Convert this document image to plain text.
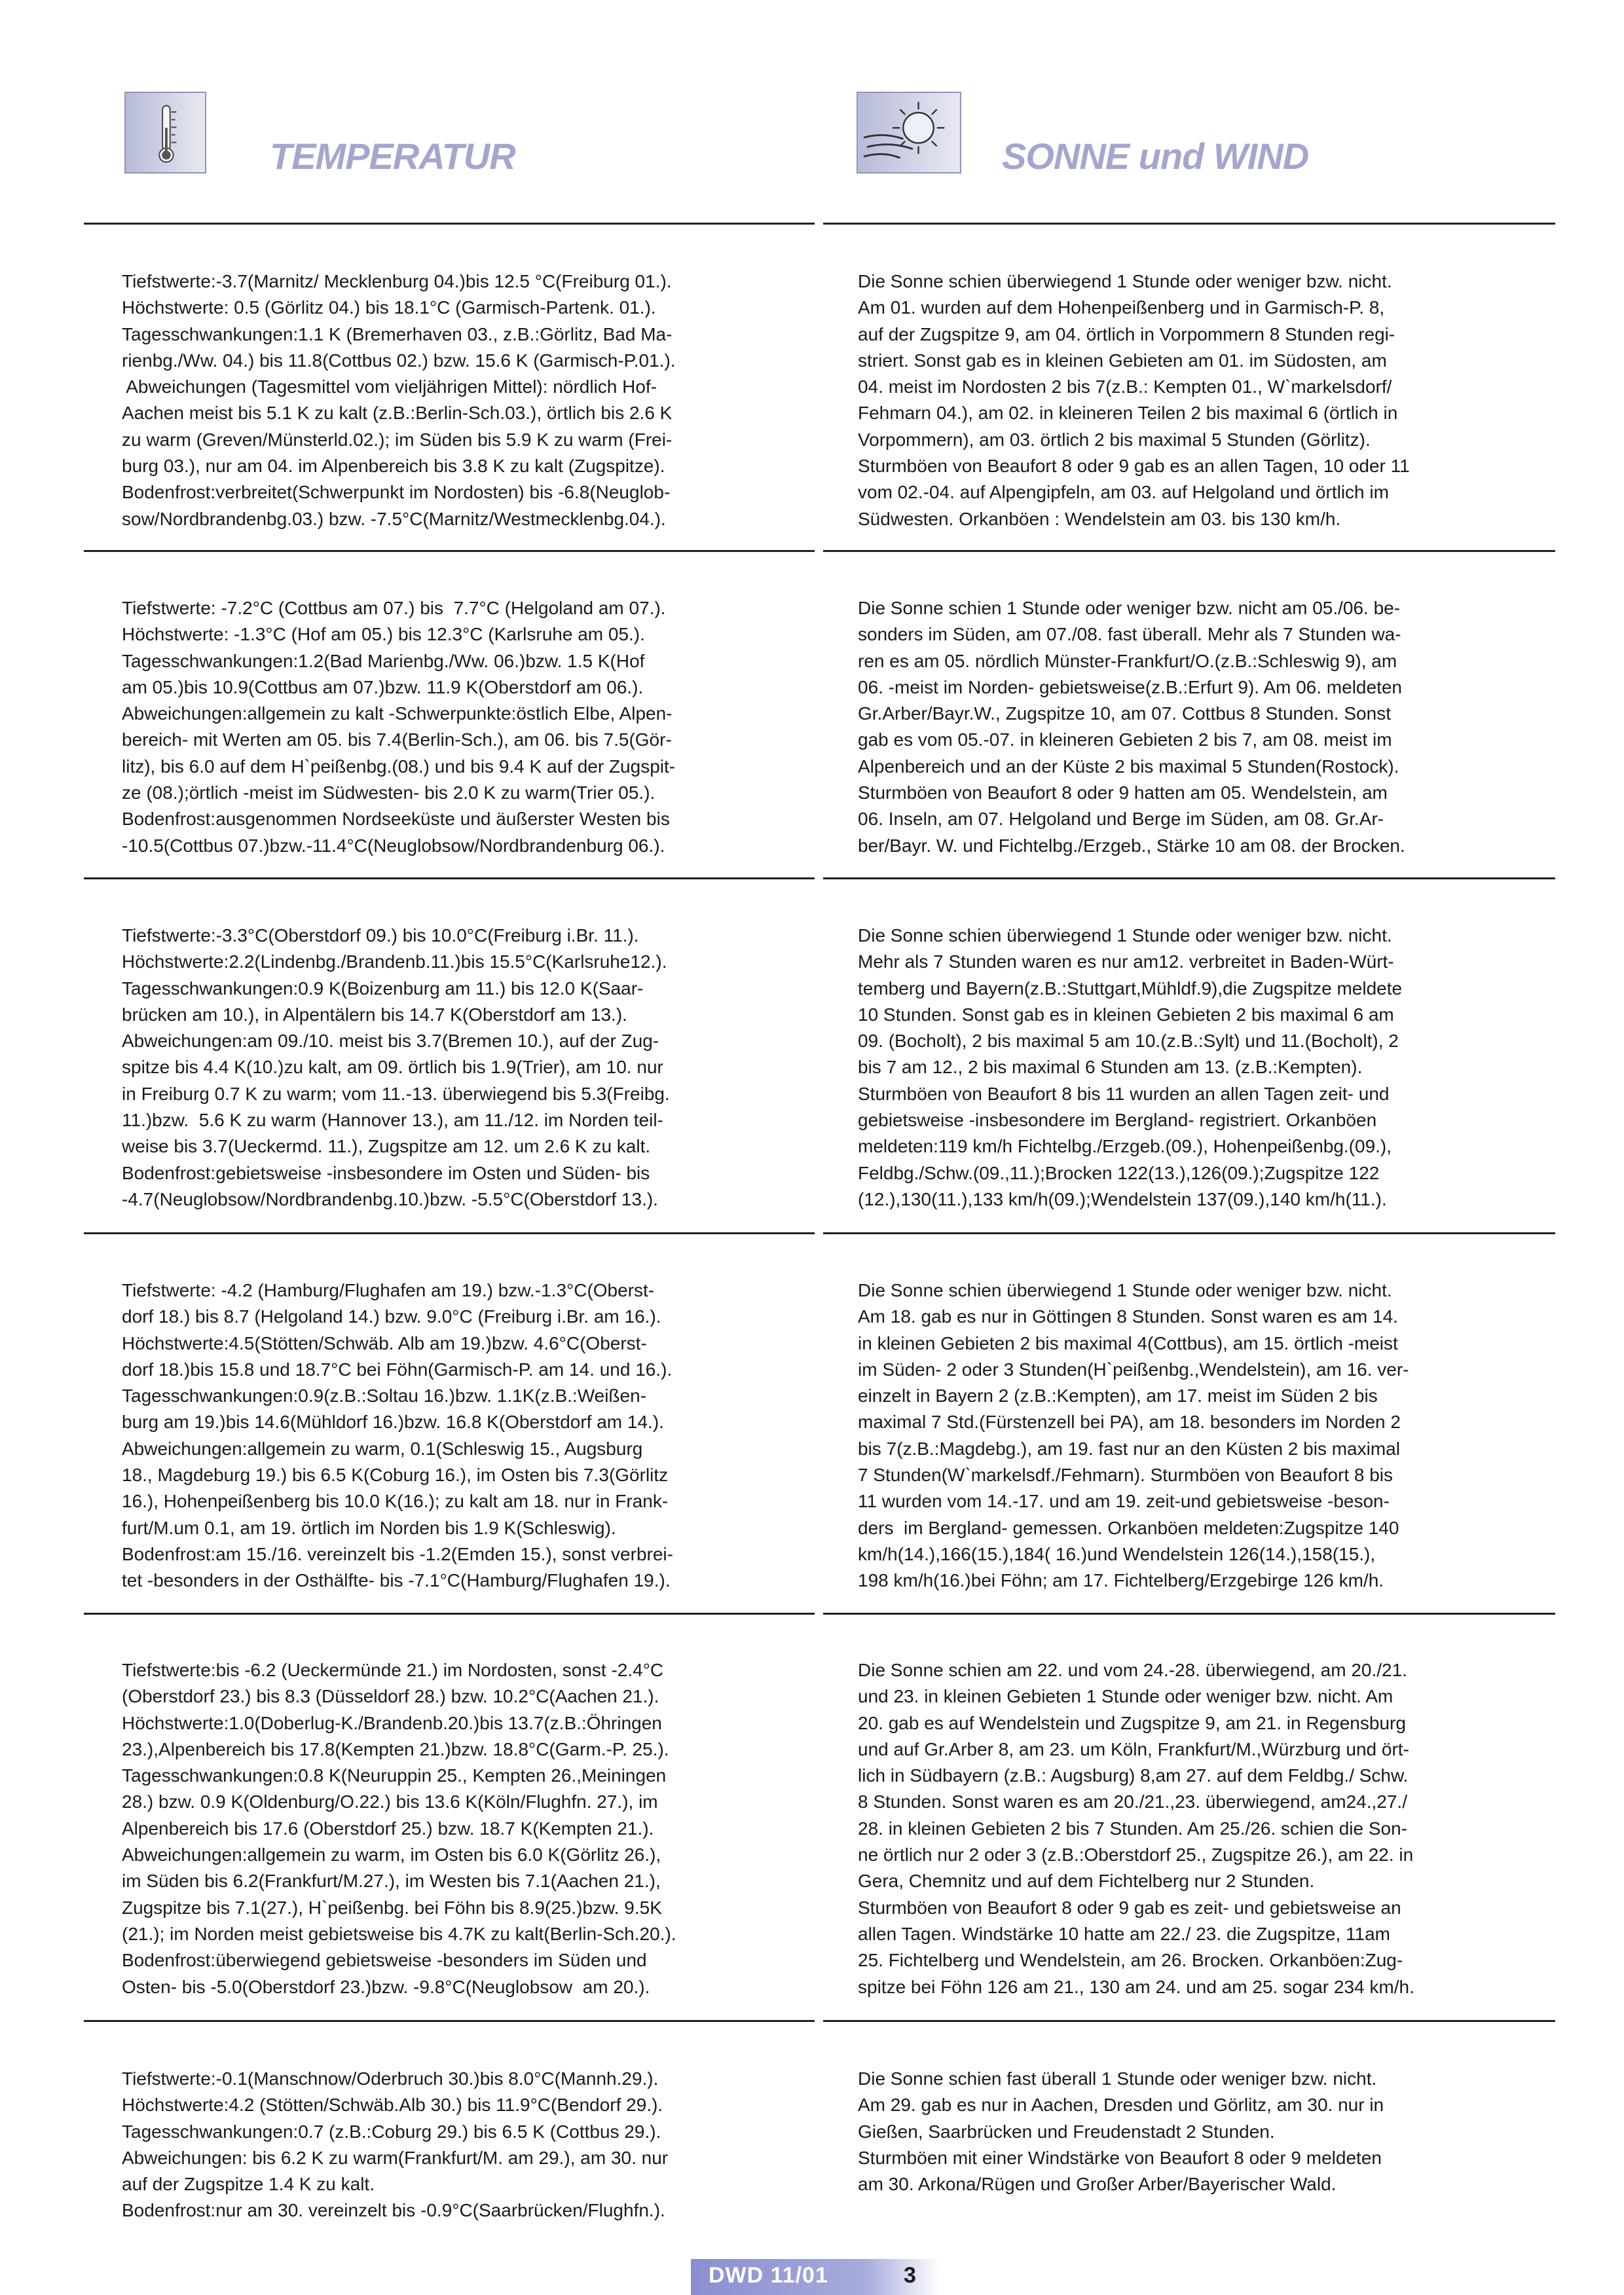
TEMPERATUR	SONNE und WIND
Tiefstwerte:-3.7(Marnitz/ Mecklenburg 04.)bis 12.5 °C(Freiburg 01.).
Höchstwerte: 0.5 (Görlitz 04.) bis 18.1°C (Garmisch-Partenk. 01.).
Tagesschwankungen:1.1 K (Bremerhaven 03., z.B.:Görlitz, Bad Ma-
rienbg./Ww. 04.) bis 11.8(Cottbus 02.) bzw. 15.6 K (Garmisch-P.01.).
Abweichungen (Tagesmittel vom vieljährigen Mittel): nördlich Hof-
Aachen meist bis 5.1 K zu kalt (z.B.:Berlin-Sch.03.), örtlich bis 2.6 K
zu warm (Greven/Münsterld.02.); im Süden bis 5.9 K zu warm (Frei-
burg 03.), nur am 04. im Alpenbereich bis 3.8 K zu kalt (Zugspitze).
Bodenfrost:verbreitet(Schwerpunkt im Nordosten) bis -6.8(Neuglob-
sow/Nordbrandenbg.03.) bzw. -7.5°C(Marnitz/Westmecklenbg.04.).
Tiefstwerte: -7.2°C (Cottbus am 07.) bis  7.7°C (Helgoland am 07.).
Höchstwerte: -1.3°C (Hof am 05.) bis 12.3°C (Karlsruhe am 05.).
Tagesschwankungen:1.2(Bad Marienbg./Ww. 06.)bzw. 1.5 K(Hof
am 05.)bis 10.9(Cottbus am 07.)bzw. 11.9 K(Oberstdorf am 06.).
Abweichungen:allgemein zu kalt -Schwerpunkte:östlich Elbe, Alpen-
bereich- mit Werten am 05. bis 7.4(Berlin-Sch.), am 06. bis 7.5(Gör-
litz), bis 6.0 auf dem H`peißenbg.(08.) und bis 9.4 K auf der Zugspit-
ze (08.);örtlich -meist im Südwesten- bis 2.0 K zu warm(Trier 05.).
Bodenfrost:ausgenommen Nordseeküste und äußerster Westen bis
-10.5(Cottbus 07.)bzw.-11.4°C(Neuglobsow/Nordbrandenburg 06.).
Tiefstwerte:-3.3°C(Oberstdorf 09.) bis 10.0°C(Freiburg i.Br. 11.).
Höchstwerte:2.2(Lindenbg./Brandenb.11.)bis 15.5°C(Karlsruhe12.).
Tagesschwankungen:0.9 K(Boizenburg am 11.) bis 12.0 K(Saar-
brücken am 10.), in Alpentälern bis 14.7 K(Oberstdorf am 13.).
Abweichungen:am 09./10. meist bis 3.7(Bremen 10.), auf der Zug-
spitze bis 4.4 K(10.)zu kalt, am 09. örtlich bis 1.9(Trier), am 10. nur
in Freiburg 0.7 K zu warm; vom 11.-13. überwiegend bis 5.3(Freibg.
11.)bzw.  5.6 K zu warm (Hannover 13.), am 11./12. im Norden teil-
weise bis 3.7(Ueckermd. 11.), Zugspitze am 12. um 2.6 K zu kalt.
Bodenfrost:gebietsweise -insbesondere im Osten und Süden- bis
-4.7(Neuglobsow/Nordbrandenbg.10.)bzw. -5.5°C(Oberstdorf 13.).
Tiefstwerte: -4.2 (Hamburg/Flughafen am 19.) bzw.-1.3°C(Oberst-
dorf 18.) bis 8.7 (Helgoland 14.) bzw. 9.0°C (Freiburg i.Br. am 16.).
Höchstwerte:4.5(Stötten/Schwäb. Alb am 19.)bzw. 4.6°C(Oberst-
dorf 18.)bis 15.8 und 18.7°C bei Föhn(Garmisch-P. am 14. und 16.).
Tagesschwankungen:0.9(z.B.:Soltau 16.)bzw. 1.1K(z.B.:Weißen-
burg am 19.)bis 14.6(Mühldorf 16.)bzw. 16.8 K(Oberstdorf am 14.).
Abweichungen:allgemein zu warm, 0.1(Schleswig 15., Augsburg
18., Magdeburg 19.) bis 6.5 K(Coburg 16.), im Osten bis 7.3(Görlitz
16.), Hohenpeißenberg bis 10.0 K(16.); zu kalt am 18. nur in Frank-
furt/M.um 0.1, am 19. örtlich im Norden bis 1.9 K(Schleswig).
Bodenfrost:am 15./16. vereinzelt bis -1.2(Emden 15.), sonst verbrei-
tet -besonders in der Osthälfte- bis -7.1°C(Hamburg/Flughafen 19.).
Tiefstwerte:bis -6.2 (Ueckermünde 21.) im Nordosten, sonst -2.4°C
(Oberstdorf 23.) bis 8.3 (Düsseldorf 28.) bzw. 10.2°C(Aachen 21.).
Höchstwerte:1.0(Doberlug-K./Brandenb.20.)bis 13.7(z.B.:Öhringen
23.),Alpenbereich bis 17.8(Kempten 21.)bzw. 18.8°C(Garm.-P. 25.).
Tagesschwankungen:0.8 K(Neuruppin 25., Kempten 26.,Meiningen
28.) bzw. 0.9 K(Oldenburg/O.22.) bis 13.6 K(Köln/Flughfn. 27.), im
Alpenbereich bis 17.6 (Oberstdorf 25.) bzw. 18.7 K(Kempten 21.).
Abweichungen:allgemein zu warm, im Osten bis 6.0 K(Görlitz 26.),
im Süden bis 6.2(Frankfurt/M.27.), im Westen bis 7.1(Aachen 21.),
Zugspitze bis 7.1(27.), H`peißenbg. bei Föhn bis 8.9(25.)bzw. 9.5K
(21.); im Norden meist gebietsweise bis 4.7K zu kalt(Berlin-Sch.20.).
Bodenfrost:überwiegend gebietsweise -besonders im Süden und
Osten- bis -5.0(Oberstdorf 23.)bzw. -9.8°C(Neuglobsow  am 20.).
Tiefstwerte:-0.1(Manschnow/Oderbruch 30.)bis 8.0°C(Mannh.29.).
Höchstwerte:4.2 (Stötten/Schwäb.Alb 30.) bis 11.9°C(Bendorf 29.).
Tagesschwankungen:0.7 (z.B.:Coburg 29.) bis 6.5 K (Cottbus 29.).
Abweichungen: bis 6.2 K zu warm(Frankfurt/M. am 29.), am 30. nur
auf der Zugspitze 1.4 K zu kalt.
Bodenfrost:nur am 30. vereinzelt bis -0.9°C(Saarbrücken/Flughfn.).
Die Sonne schien überwiegend 1 Stunde oder weniger bzw. nicht.
Am 01. wurden auf dem Hohenpeißenberg und in Garmisch-P. 8,
auf der Zugspitze 9, am 04. örtlich in Vorpommern 8 Stunden regi-
striert. Sonst gab es in kleinen Gebieten am 01. im Südosten, am
04. meist im Nordosten 2 bis 7(z.B.: Kempten 01., W`markelsdorf/
Fehmarn 04.), am 02. in kleineren Teilen 2 bis maximal 6 (örtlich in
Vorpommern), am 03. örtlich 2 bis maximal 5 Stunden (Görlitz).
Sturmböen von Beaufort 8 oder 9 gab es an allen Tagen, 10 oder 11
vom 02.-04. auf Alpengipfeln, am 03. auf Helgoland und örtlich im
Südwesten. Orkanböen : Wendelstein am 03. bis 130 km/h.
Die Sonne schien 1 Stunde oder weniger bzw. nicht am 05./06. be-
sonders im Süden, am 07./08. fast überall. Mehr als 7 Stunden wa-
ren es am 05. nördlich Münster-Frankfurt/O.(z.B.:Schleswig 9), am
06. -meist im Norden- gebietsweise(z.B.:Erfurt 9). Am 06. meldeten
Gr.Arber/Bayr.W., Zugspitze 10, am 07. Cottbus 8 Stunden. Sonst
gab es vom 05.-07. in kleineren Gebieten 2 bis 7, am 08. meist im
Alpenbereich und an der Küste 2 bis maximal 5 Stunden(Rostock).
Sturmböen von Beaufort 8 oder 9 hatten am 05. Wendelstein, am
06. Inseln, am 07. Helgoland und Berge im Süden, am 08. Gr.Ar-
ber/Bayr. W. und Fichtelbg./Erzgeb., Stärke 10 am 08. der Brocken.
Die Sonne schien überwiegend 1 Stunde oder weniger bzw. nicht.
Mehr als 7 Stunden waren es nur am12. verbreitet in Baden-Würt-
temberg und Bayern(z.B.:Stuttgart,Mühldf.9),die Zugspitze meldete
10 Stunden. Sonst gab es in kleinen Gebieten 2 bis maximal 6 am
09. (Bocholt), 2 bis maximal 5 am 10.(z.B.:Sylt) und 11.(Bocholt), 2
bis 7 am 12., 2 bis maximal 6 Stunden am 13. (z.B.:Kempten).
Sturmböen von Beaufort 8 bis 11 wurden an allen Tagen zeit- und
gebietsweise -insbesondere im Bergland- registriert. Orkanböen
meldeten:119 km/h Fichtelbg./Erzgeb.(09.), Hohenpeißenbg.(09.),
Feldbg./Schw.(09.,11.);Brocken 122(13.),126(09.);Zugspitze 122
(12.),130(11.),133 km/h(09.);Wendelstein 137(09.),140 km/h(11.).
Die Sonne schien überwiegend 1 Stunde oder weniger bzw. nicht.
Am 18. gab es nur in Göttingen 8 Stunden. Sonst waren es am 14.
in kleinen Gebieten 2 bis maximal 4(Cottbus), am 15. örtlich -meist
im Süden- 2 oder 3 Stunden(H`peißenbg.,Wendelstein), am 16. ver-
einzelt in Bayern 2 (z.B.:Kempten), am 17. meist im Süden 2 bis
maximal 7 Std.(Fürstenzell bei PA), am 18. besonders im Norden 2
bis 7(z.B.:Magdebg.), am 19. fast nur an den Küsten 2 bis maximal
7 Stunden(W`markelsdf./Fehmarn). Sturmböen von Beaufort 8 bis
11 wurden vom 14.-17. und am 19. zeit-und gebietsweise -beson-
ders  im Bergland- gemessen. Orkanböen meldeten:Zugspitze 140
km/h(14.),166(15.),184( 16.)und Wendelstein 126(14.),158(15.),
198 km/h(16.)bei Föhn; am 17. Fichtelberg/Erzgebirge 126 km/h.
Die Sonne schien am 22. und vom 24.-28. überwiegend, am 20./21.
und 23. in kleinen Gebieten 1 Stunde oder weniger bzw. nicht. Am
20. gab es auf Wendelstein und Zugspitze 9, am 21. in Regensburg
und auf Gr.Arber 8, am 23. um Köln, Frankfurt/M.,Würzburg und ört-
lich in Südbayern (z.B.: Augsburg) 8,am 27. auf dem Feldbg./ Schw.
8 Stunden. Sonst waren es am 20./21.,23. überwiegend, am24.,27./
28. in kleinen Gebieten 2 bis 7 Stunden. Am 25./26. schien die Son-
ne örtlich nur 2 oder 3 (z.B.:Oberstdorf 25., Zugspitze 26.), am 22. in
Gera, Chemnitz und auf dem Fichtelberg nur 2 Stunden.
Sturmböen von Beaufort 8 oder 9 gab es zeit- und gebietsweise an
allen Tagen. Windstärke 10 hatte am 22./ 23. die Zugspitze, 11am
25. Fichtelberg und Wendelstein, am 26. Brocken. Orkanböen:Zug-
spitze bei Föhn 126 am 21., 130 am 24. und am 25. sogar 234 km/h.
Die Sonne schien fast überall 1 Stunde oder weniger bzw. nicht.
Am 29. gab es nur in Aachen, Dresden und Görlitz, am 30. nur in
Gießen, Saarbrücken und Freudenstadt 2 Stunden.
Sturmböen mit einer Windstärke von Beaufort 8 oder 9 meldeten
am 30. Arkona/Rügen und Großer Arber/Bayerischer Wald.
DWD 11/01	3
